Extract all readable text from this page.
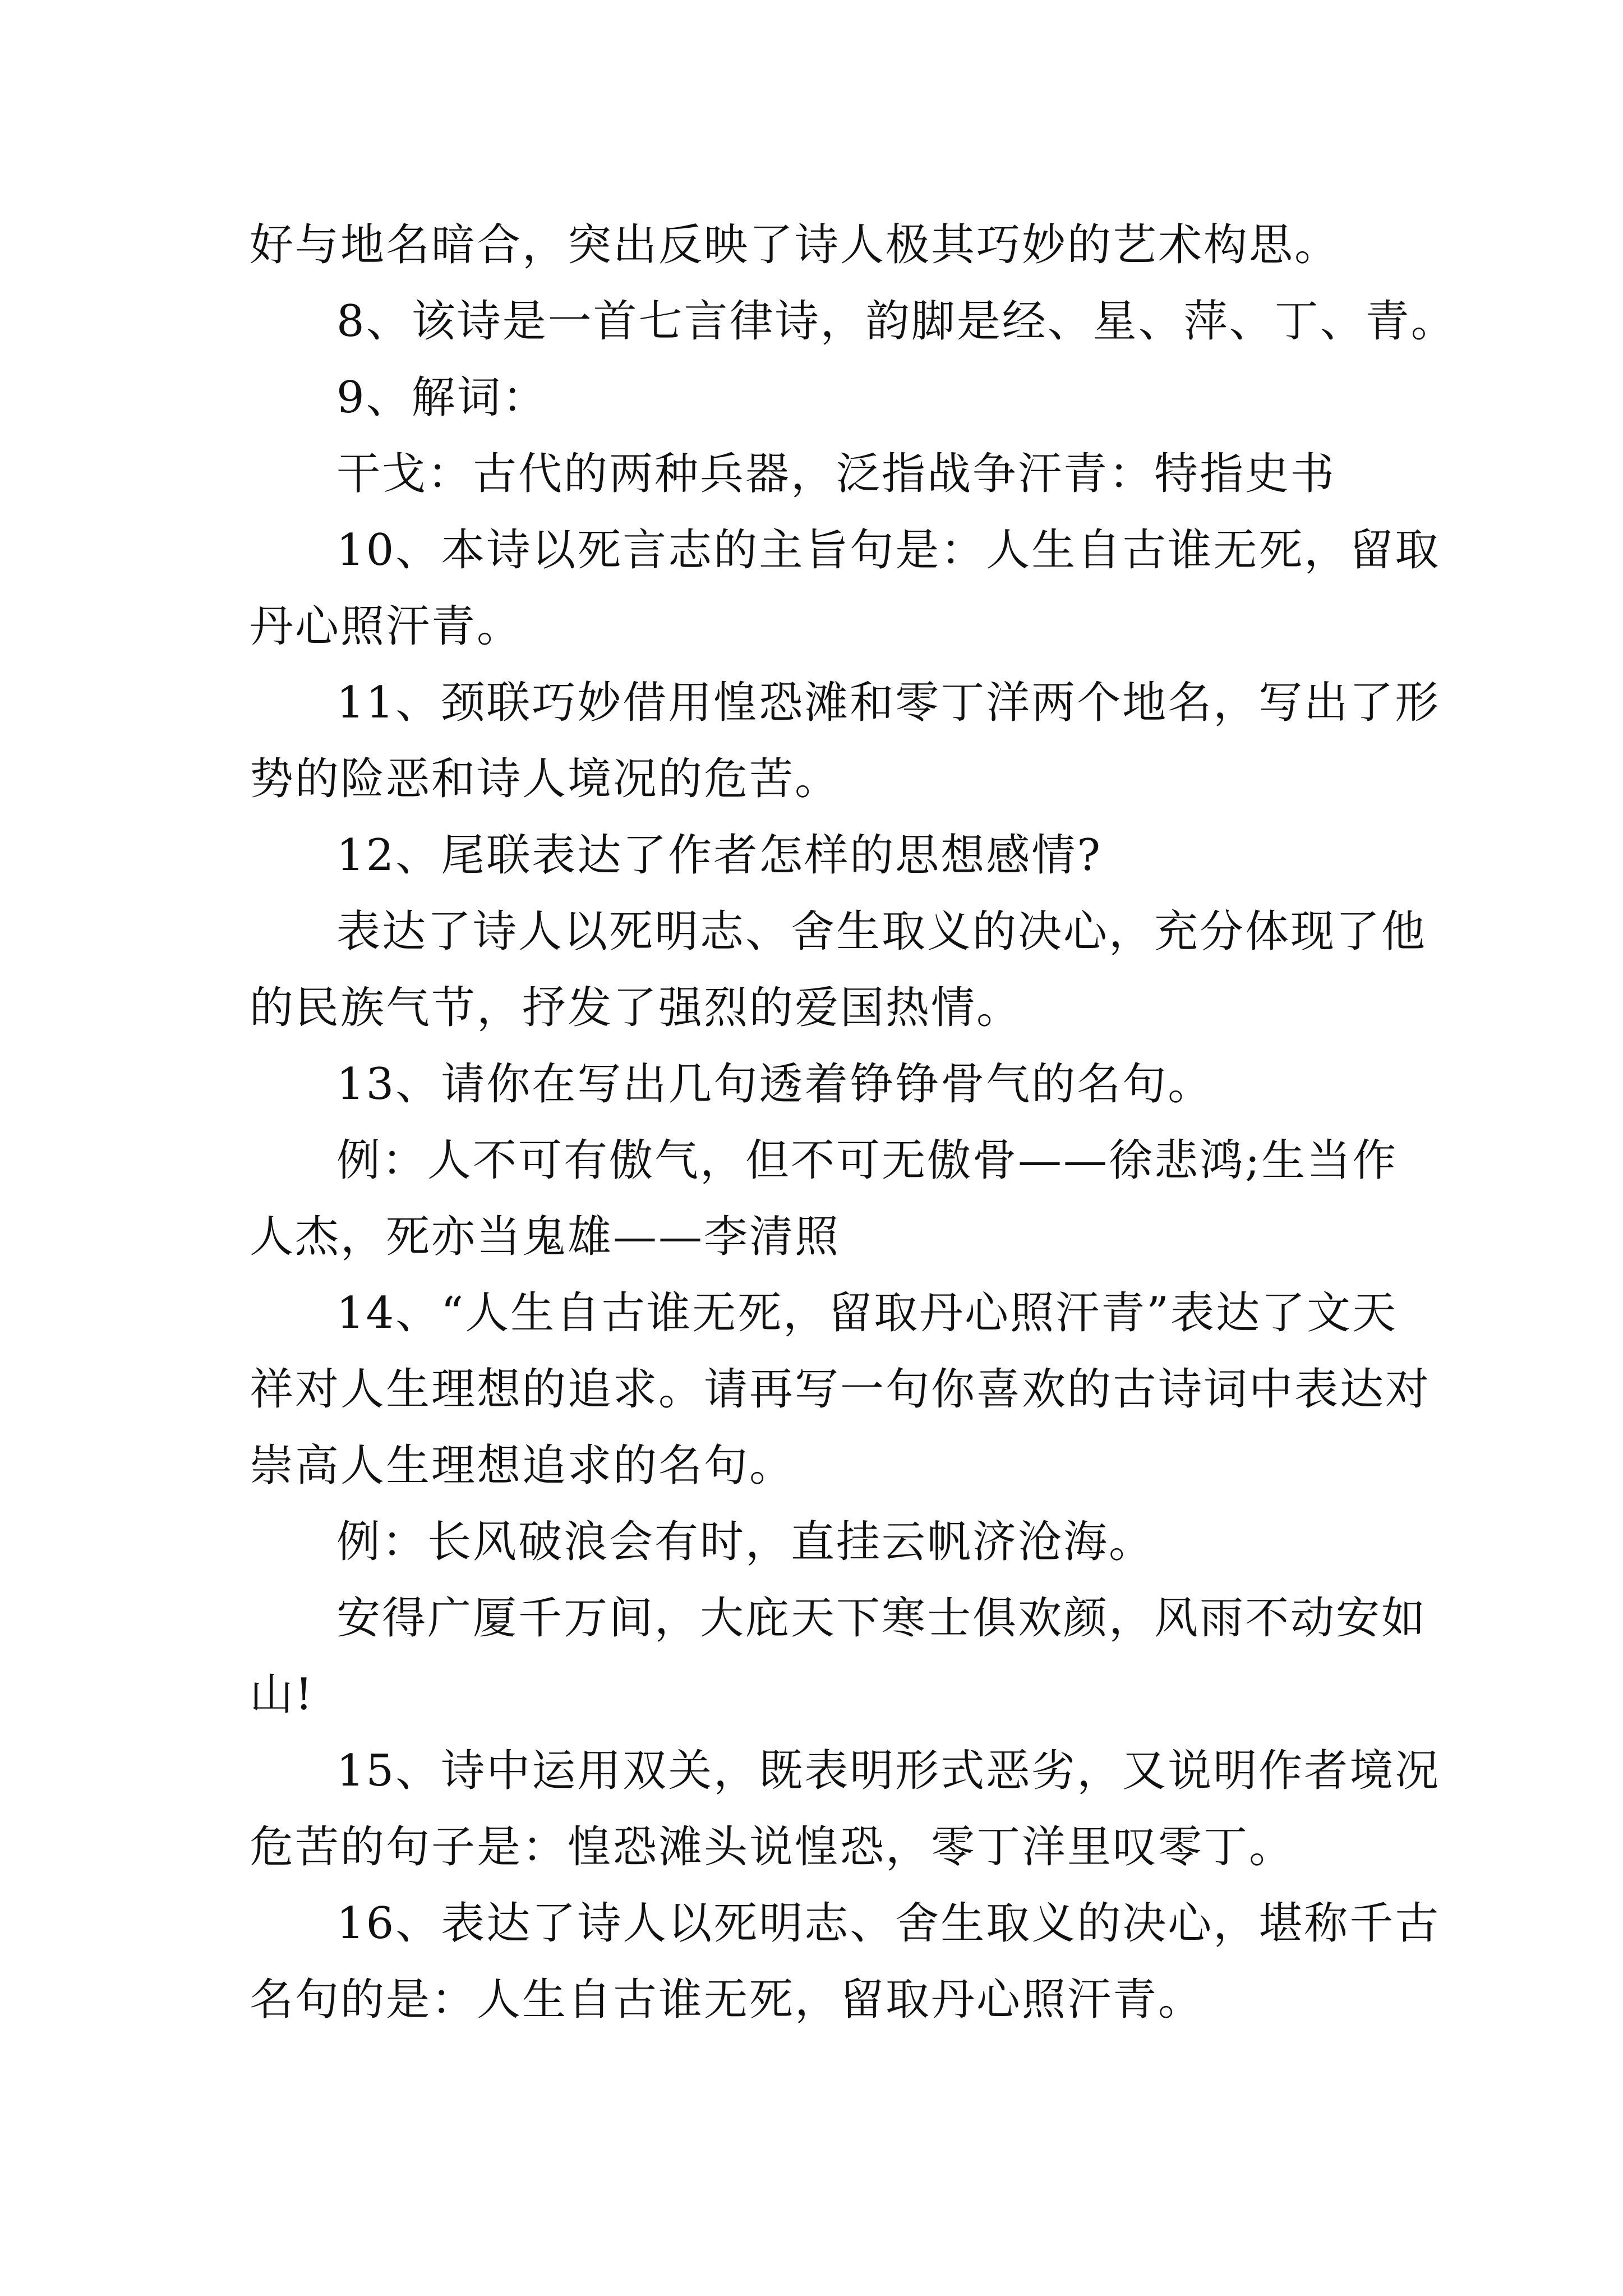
好与地名暗合，突出反映了诗人极其巧妙的艺术构思。
8、该诗是一首七言律诗，韵脚是经、星、萍、丁、青。
9、解词：
干戈：古代的两种兵器，泛指战争汗青：特指史书
10、本诗以死言志的主旨句是：人生自古谁无死，留取
丹心照汗青。
11、颈联巧妙借用惶恐滩和零丁洋两个地名，写出了形
势的险恶和诗人境况的危苦。
12、尾联表达了作者怎样的思想感情?
表达了诗人以死明志、舍生取义的决心，充分体现了他
的民族气节，抒发了强烈的爱国热情。
13、请你在写出几句透着铮铮骨气的名句。
例：人不可有傲气，但不可无傲骨——徐悲鸿;生当作
人杰，死亦当鬼雄——李清照
14、“人生自古谁无死，留取丹心照汗青”表达了文天
祥对人生理想的追求。请再写一句你喜欢的古诗词中表达对
崇高人生理想追求的名句。
例：长风破浪会有时，直挂云帆济沧海。
安得广厦千万间，大庇天下寒士俱欢颜，风雨不动安如
山!
15、诗中运用双关，既表明形式恶劣，又说明作者境况
危苦的句子是：惶恐滩头说惶恐，零丁洋里叹零丁。
16、表达了诗人以死明志、舍生取义的决心，堪称千古
名句的是：人生自古谁无死，留取丹心照汗青。
